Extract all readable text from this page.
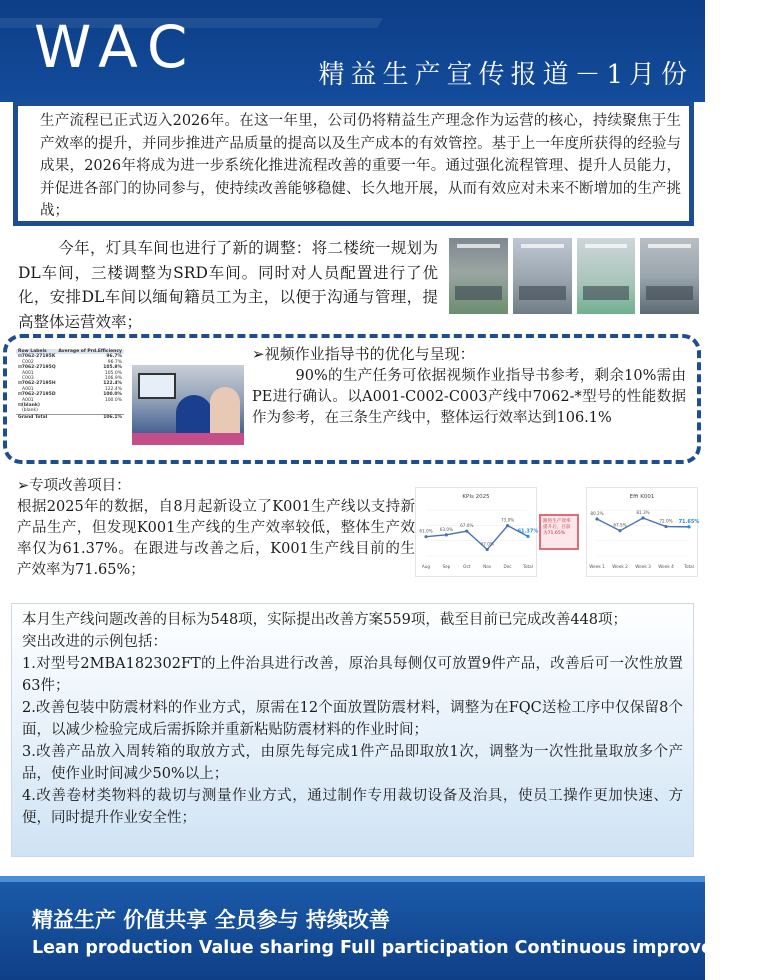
WAC	精益生产宣传报道－1月份

生产流程已正式迈入2026年。在这一年里，公司仍将精益生产理念作为运营的核心，持续聚焦于生产效率的提升，并同步推进产品质量的提高以及生产成本的有效管控。基于上一年度所获得的经验与成果，2026年将成为进一步系统化推进流程改善的重要一年。通过强化流程管理、提升人员能力，并促进各部门的协同参与，使持续改善能够稳健、长久地开展，从而有效应对未来不断增加的生产挑战；

今年，灯具车间也进行了新的调整：将二楼统一规划为DL车间，三楼调整为SRD车间。同时对人员配置进行了优化，安排DL车间以缅甸籍员工为主，以便于沟通与管理，提高整体运营效率；

Row Labels	Average of Prd.Efficiency
⊟7062-27195K	96.7%
C002	96.7%
⊟7062-27195Q	105.8%
A001	105.0%
C003	106.9%
⊟7062-27195H	122.4%
A001	122.4%
⊟7062-27195D	100.0%
A001	100.0%
⊟(blank)
(blank)
Grand Total	106.1%
➢视频作业指导书的优化与呈现：

90%的生产任务可依据视频作业指导书参考，剩余10%需由PE进行确认。以A001-C002-C003产线中7062-*型号的性能数据作为参考，在三条生产线中，整体运行效率达到106.1%

➢专项改善项目：

根据2025年的数据，自8月起新设立了K001生产线以支持新产品生产，但发现K001生产线的生产效率较低，整体生产效率仅为61.37%。在跟进与改善之后，K001生产线目前的生产效率为71.65%；

KPIs 2025
61.0%
Aug
63.0%
Sep
67.0%
Oct
47.0%
Nov
73.0%
Dec
61.37%
Total
跟进生产效率提升后，目前为71.65%
Effi K001
80.2%
Week 1
67.5%
Week 2
81.3%
Week 3
72.0%
Week 4
71.65%
Total

本月生产线问题改善的目标为548项，实际提出改善方案559项，截至目前已完成改善448项；

突出改进的示例包括：

1.对型号2MBA182302FT的上件治具进行改善，原治具每侧仅可放置9件产品，改善后可一次性放置63件；

2.改善包装中防震材料的作业方式，原需在12个面放置防震材料，调整为在FQC送检工序中仅保留8个面，以减少检验完成后需拆除并重新粘贴防震材料的作业时间；

3.改善产品放入周转箱的取放方式，由原先每完成1件产品即取放1次，调整为一次性批量取放多个产品，使作业时间减少50%以上；

4.改善卷材类物料的裁切与测量作业方式，通过制作专用裁切设备及治具，使员工操作更加快速、方便，同时提升作业安全性；

精益生产 价值共享 全员参与 持续改善
Lean production Value sharing Full participation Continuous improvement
